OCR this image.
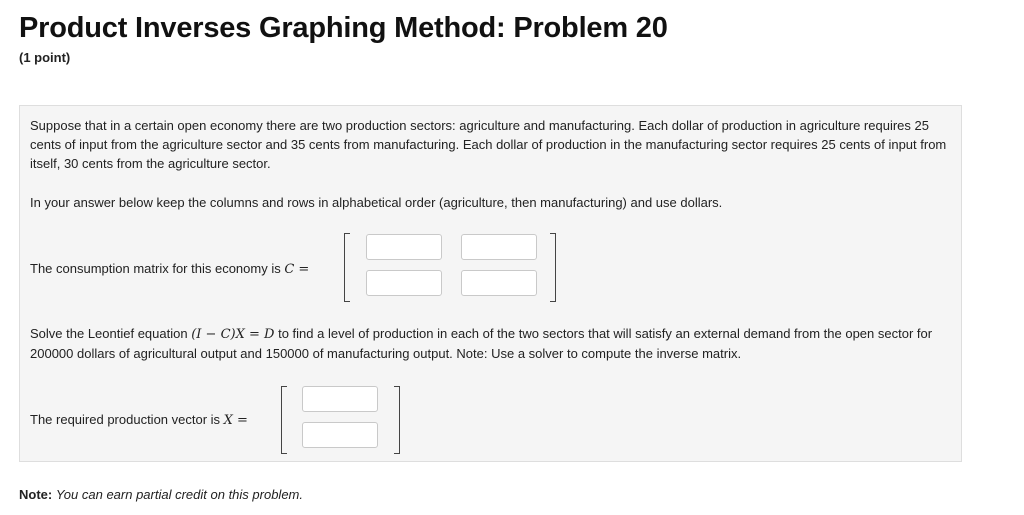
Product Inverses Graphing Method: Problem 20
(1 point)
Suppose that in a certain open economy there are two production sectors: agriculture and manufacturing. Each dollar of production in agriculture requires 25 cents of input from the agriculture sector and 35 cents from manufacturing. Each dollar of production in the manufacturing sector requires 25 cents of input from itself, 30 cents from the agriculture sector.
In your answer below keep the columns and rows in alphabetical order (agriculture, then manufacturing) and use dollars.
The consumption matrix for this economy is C =
Solve the Leontief equation (I − C)X = D to find a level of production in each of the two sectors that will satisfy an external demand from the open sector for 200000 dollars of agricultural output and 150000 of manufacturing output. Note: Use a solver to compute the inverse matrix.
The required production vector is X =
Note: You can earn partial credit on this problem.
